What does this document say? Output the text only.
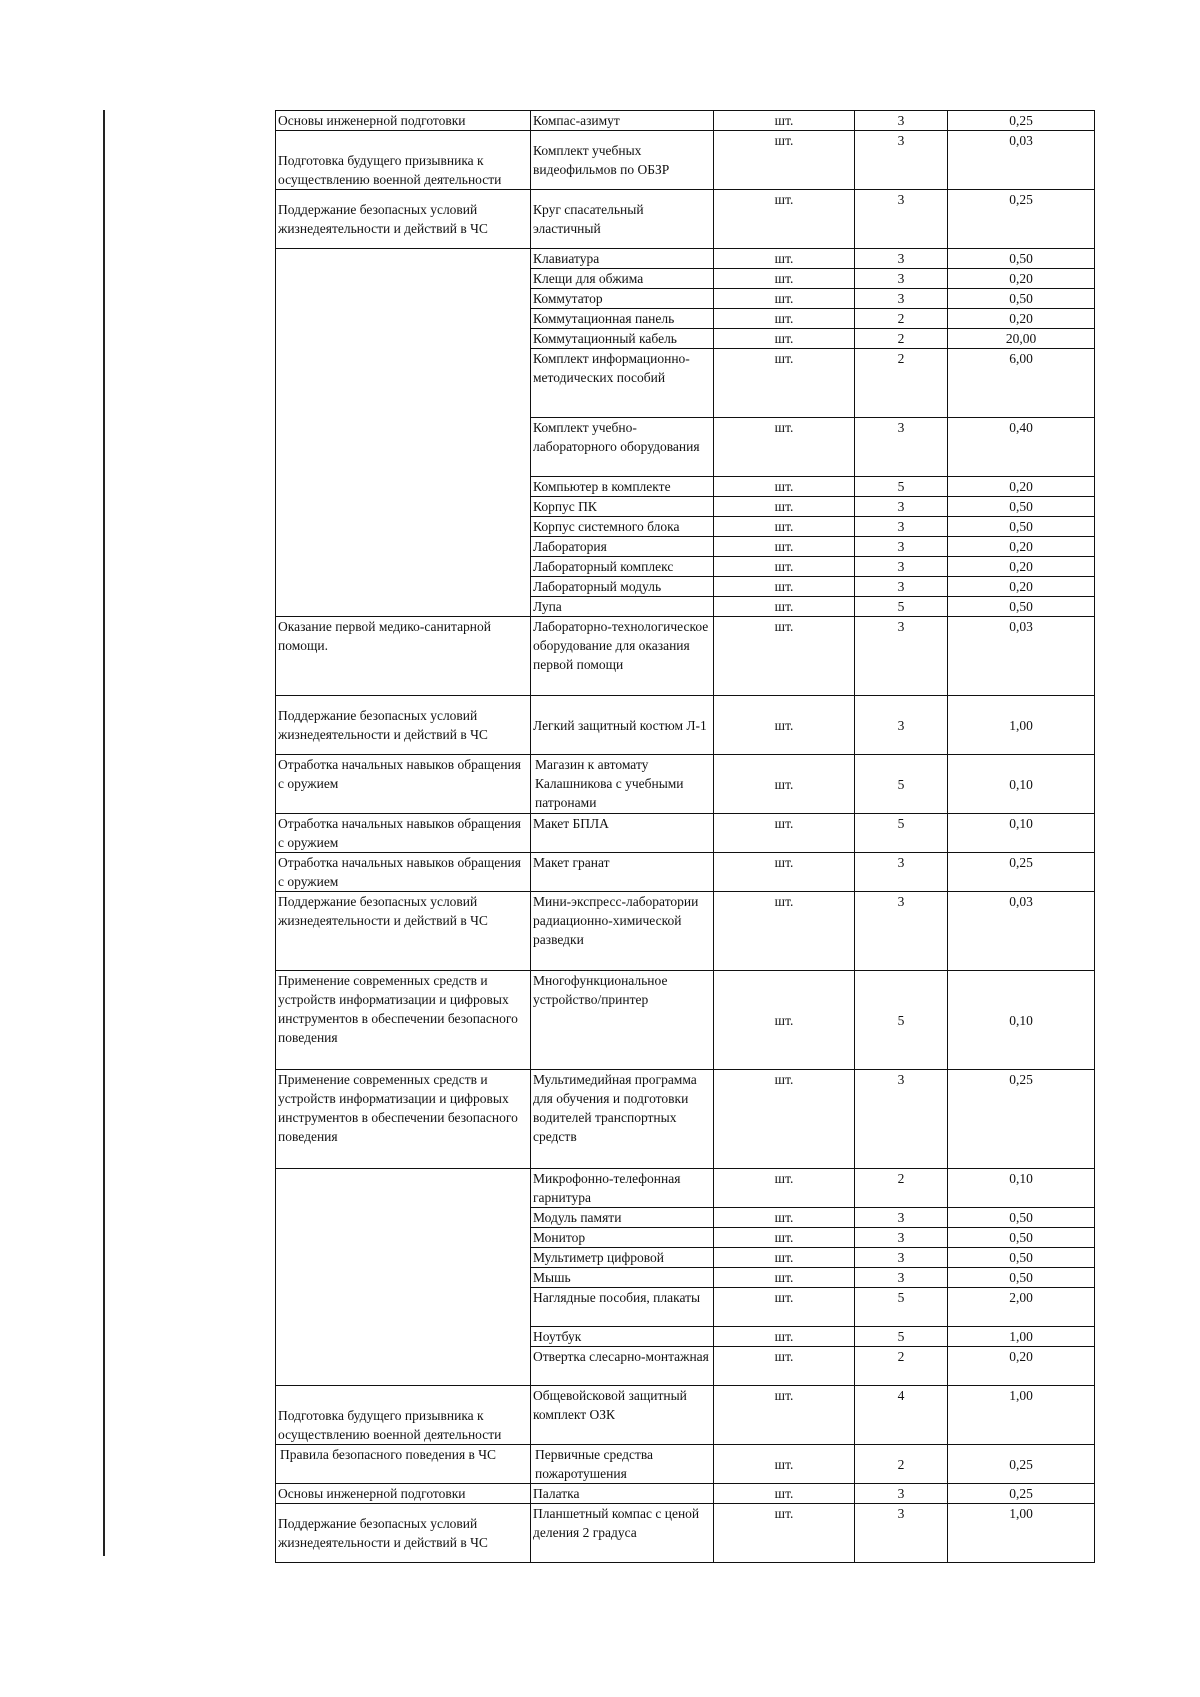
Основы инженерной подготовки	Компас-азимут	шт.	3	0,25
Подготовка будущего призывника к осуществлению военной деятельности	Комплект учебных видеофильмов по ОБЗР	шт.	3	0,03
Поддержание безопасных условий жизнедеятельности и действий в ЧС	Круг спасательный эластичный	шт.	3	0,25
	Клавиатура	шт.	3	0,50
	Клещи для обжима	шт.	3	0,20
	Коммутатор	шт.	3	0,50
	Коммутационная панель	шт.	2	0,20
	Коммутационный кабель	шт.	2	20,00
	Комплект информационно-методических пособий	шт.	2	6,00
	Комплект учебно-лабораторного оборудования	шт.	3	0,40
	Компьютер в комплекте	шт.	5	0,20
	Корпус ПК	шт.	3	0,50
	Корпус системного блока	шт.	3	0,50
	Лаборатория	шт.	3	0,20
	Лабораторный комплекс	шт.	3	0,20
	Лабораторный модуль	шт.	3	0,20
	Лупа	шт.	5	0,50
Оказание первой медико-санитарной помощи.	Лабораторно-технологическое оборудование для оказания первой помощи	шт.	3	0,03
Поддержание безопасных условий жизнедеятельности и действий в ЧС	Легкий защитный костюм Л-1	шт.	3	1,00
Отработка начальных навыков обращения с оружием	Магазин к автомату Калашникова с учебными патронами	шт.	5	0,10
Отработка начальных навыков обращения с оружием	Макет БПЛА	шт.	5	0,10
Отработка начальных навыков обращения с оружием	Макет гранат	шт.	3	0,25
Поддержание безопасных условий жизнедеятельности и действий в ЧС	Мини-экспресс-лаборатории радиационно-химической разведки	шт.	3	0,03
Применение современных средств и устройств информатизации и цифровых инструментов в обеспечении безопасного поведения	Многофункциональное устройство/принтер	шт.	5	0,10
Применение современных средств и устройств информатизации и цифровых инструментов в обеспечении безопасного поведения	Мультимедийная программа для обучения и подготовки водителей транспортных средств	шт.	3	0,25
	Микрофонно-телефонная гарнитура	шт.	2	0,10
	Модуль памяти	шт.	3	0,50
	Монитор	шт.	3	0,50
	Мультиметр цифровой	шт.	3	0,50
	Мышь	шт.	3	0,50
	Наглядные пособия, плакаты	шт.	5	2,00
	Ноутбук	шт.	5	1,00
	Отвертка слесарно-монтажная	шт.	2	0,20
Подготовка будущего призывника к осуществлению военной деятельности	Общевойсковой защитный комплект ОЗК	шт.	4	1,00
Правила безопасного поведения в ЧС	Первичные средства пожаротушения	шт.	2	0,25
Основы инженерной подготовки	Палатка	шт.	3	0,25
Поддержание безопасных условий жизнедеятельности и действий в ЧС	Планшетный компас с ценой деления 2 градуса	шт.	3	1,00
